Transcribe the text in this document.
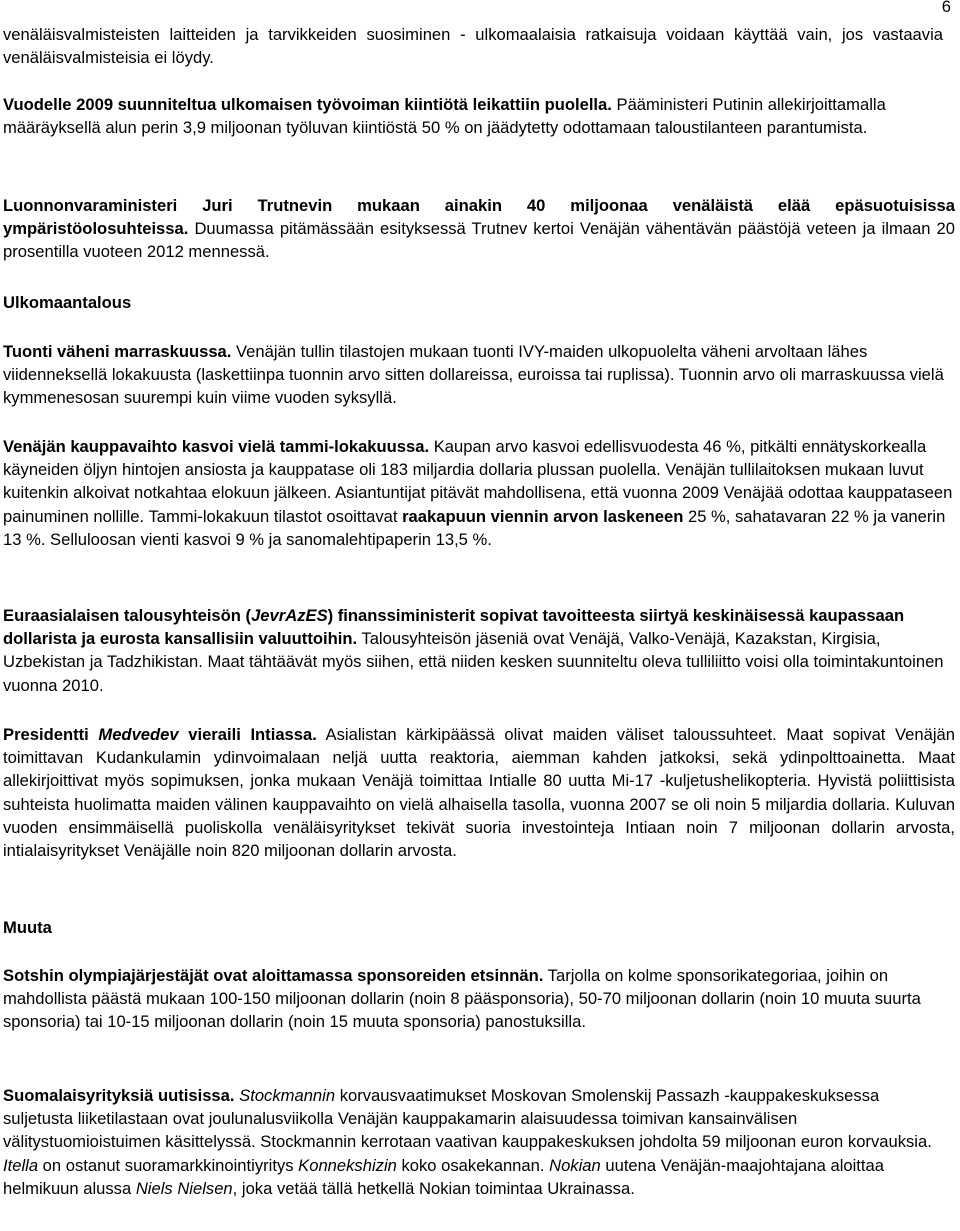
6

venäläisvalmisteisten laitteiden ja tarvikkeiden suosiminen - ulkomaalaisia ratkaisuja voidaan käyttää vain, jos vastaavia venäläisvalmisteisia ei löydy.

Vuodelle 2009 suunniteltua ulkomaisen työvoiman kiintiötä leikattiin puolella. Pääministeri Putinin allekirjoittamalla määräyksellä alun perin 3,9 miljoonan työluvan kiintiöstä 50 % on jäädytetty odottamaan taloustilanteen parantumista.

Luonnonvaraministeri Juri Trutnevin mukaan ainakin 40 miljoonaa venäläistä elää epäsuotuisissa ympäristöolosuhteissa. Duumassa pitämässään esityksessä Trutnev kertoi Venäjän vähentävän päästöjä veteen ja ilmaan 20 prosentilla vuoteen 2012 mennessä.

Ulkomaantalous

Tuonti väheni marraskuussa. Venäjän tullin tilastojen mukaan tuonti IVY-maiden ulkopuolelta väheni arvoltaan lähes viidenneksellä lokakuusta (laskettiinpa tuonnin arvo sitten dollareissa, euroissa tai ruplissa). Tuonnin arvo oli marraskuussa vielä kymmenesosan suurempi kuin viime vuoden syksyllä.

Venäjän kauppavaihto kasvoi vielä tammi-lokakuussa. Kaupan arvo kasvoi edellisvuodesta 46 %, pitkälti ennätyskorkealla käyneiden öljyn hintojen ansiosta ja kauppatase oli 183 miljardia dollaria plussan puolella. Venäjän tullilaitoksen mukaan luvut kuitenkin alkoivat notkahtaa elokuun jälkeen. Asiantuntijat pitävät mahdollisena, että vuonna 2009 Venäjää odottaa kauppataseen painuminen nollille. Tammi-lokakuun tilastot osoittavat raakapuun viennin arvon laskeneen 25 %, sahatavaran 22 % ja vanerin 13 %. Selluloosan vienti kasvoi 9 % ja sanomalehtipaperin 13,5 %.

Euraasialaisen talousyhteisön (JevrAzES) finanssiministerit sopivat tavoitteesta siirtyä keskinäisessä kaupassaan dollarista ja eurosta kansallisiin valuuttoihin. Talousyhteisön jäseniä ovat Venäjä, Valko-Venäjä, Kazakstan, Kirgisia, Uzbekistan ja Tadzhikistan. Maat tähtäävät myös siihen, että niiden kesken suunniteltu oleva tulliliitto voisi olla toimintakuntoinen vuonna 2010.

Presidentti Medvedev vieraili Intiassa. Asialistan kärkipäässä olivat maiden väliset taloussuhteet. Maat sopivat Venäjän toimittavan Kudankulamin ydinvoimalaan neljä uutta reaktoria, aiemman kahden jatkoksi, sekä ydinpolttoainetta. Maat allekirjoittivat myös sopimuksen, jonka mukaan Venäjä toimittaa Intialle 80 uutta Mi-17 -kuljetushelikopteria. Hyvistä poliittisista suhteista huolimatta maiden välinen kauppavaihto on vielä alhaisella tasolla, vuonna 2007 se oli noin 5 miljardia dollaria. Kuluvan vuoden ensimmäisellä puoliskolla venäläisyritykset tekivät suoria investointeja Intiaan noin 7 miljoonan dollarin arvosta, intialaisyritykset Venäjälle noin 820 miljoonan dollarin arvosta.

Muuta

Sotshin olympiajärjestäjät ovat aloittamassa sponsoreiden etsinnän. Tarjolla on kolme sponsorikategoriaa, joihin on mahdollista päästä mukaan 100-150 miljoonan dollarin (noin 8 pääsponsoria), 50-70 miljoonan dollarin (noin 10 muuta suurta sponsoria) tai 10-15 miljoonan dollarin (noin 15 muuta sponsoria) panostuksilla.

Suomalaisyrityksiä uutisissa. Stockmannin korvausvaatimukset Moskovan Smolenskij Passazh -kauppakeskuksessa suljetusta liiketilastaan ovat joulunalusviikolla Venäjän kauppakamarin alaisuudessa toimivan kansainvälisen välitystuomioistuimen käsittelyssä. Stockmannin kerrotaan vaativan kauppakeskuksen johdolta 59 miljoonan euron korvauksia. Itella on ostanut suoramarkkinointiyritys Konnekshizin koko osakekannan. Nokian uutena Venäjän-maajohtajana aloittaa helmikuun alussa Niels Nielsen, joka vetää tällä hetkellä Nokian toimintaa Ukrainassa.
